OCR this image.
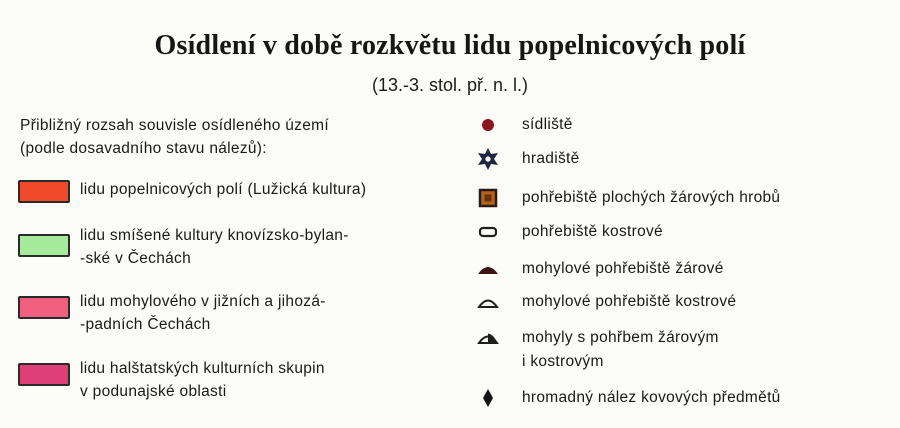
Osídlení v době rozkvětu lidu popelnicových polí
(13.-3. stol. př. n. l.)
Přibližný rozsah souvisle osídleného území
(podle dosavadního stavu nálezů):
lidu popelnicových polí (Lužická kultura)
lidu smíšené kultury knovízsko-bylan-
-ské v Čechách
lidu mohylového v jižních a jihozá-
-padních Čechách
lidu halštatských kulturních skupin
v podunajské oblasti
sídliště
hradiště
pohřebiště plochých žárových hrobů
pohřebiště kostrové
mohylové pohřebiště žárové
mohylové pohřebiště kostrové
mohyly s pohřbem žárovým
i kostrovým
hromadný nález kovových předmětů
